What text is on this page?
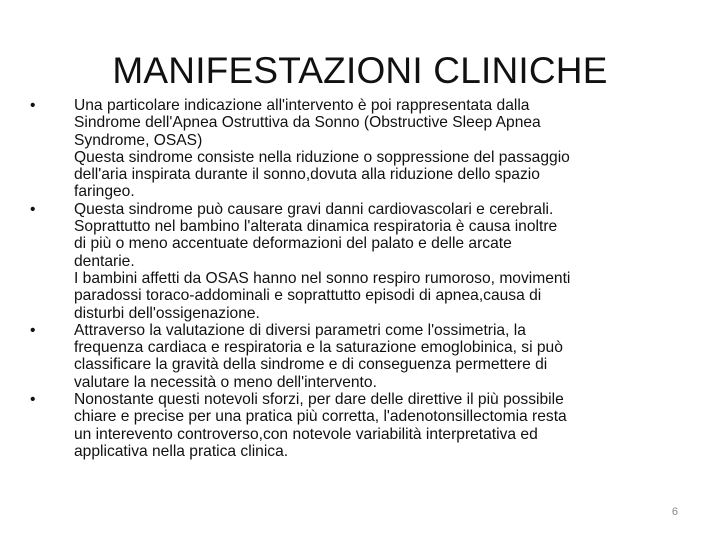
MANIFESTAZIONI CLINICHE
•	Una particolare indicazione all'intervento è poi rappresentata dalla
Sindrome dell'Apnea Ostruttiva da Sonno (Obstructive Sleep Apnea
Syndrome, OSAS)
Questa sindrome consiste nella riduzione o soppressione del passaggio
dell'aria inspirata durante il sonno,dovuta alla riduzione dello spazio
faringeo.
•	Questa sindrome può causare gravi danni cardiovascolari e cerebrali.
Soprattutto nel bambino l'alterata dinamica respiratoria è causa inoltre
di più o meno accentuate deformazioni del palato e delle arcate
dentarie.
I bambini affetti da OSAS hanno nel sonno respiro rumoroso, movimenti
paradossi toraco-addominali e soprattutto episodi di apnea,causa di
disturbi dell'ossigenazione.
•	Attraverso la valutazione di diversi parametri come l'ossimetria, la
frequenza cardiaca e respiratoria e la saturazione emoglobinica, si può
classificare la gravità della sindrome e di conseguenza permettere di
valutare la necessità o meno dell'intervento.
•	Nonostante questi notevoli sforzi, per dare delle direttive il più possibile
chiare e precise per una pratica più corretta, l'adenotonsillectomia resta
un interevento controverso,con notevole variabilità interpretativa ed
applicativa nella pratica clinica.
6
